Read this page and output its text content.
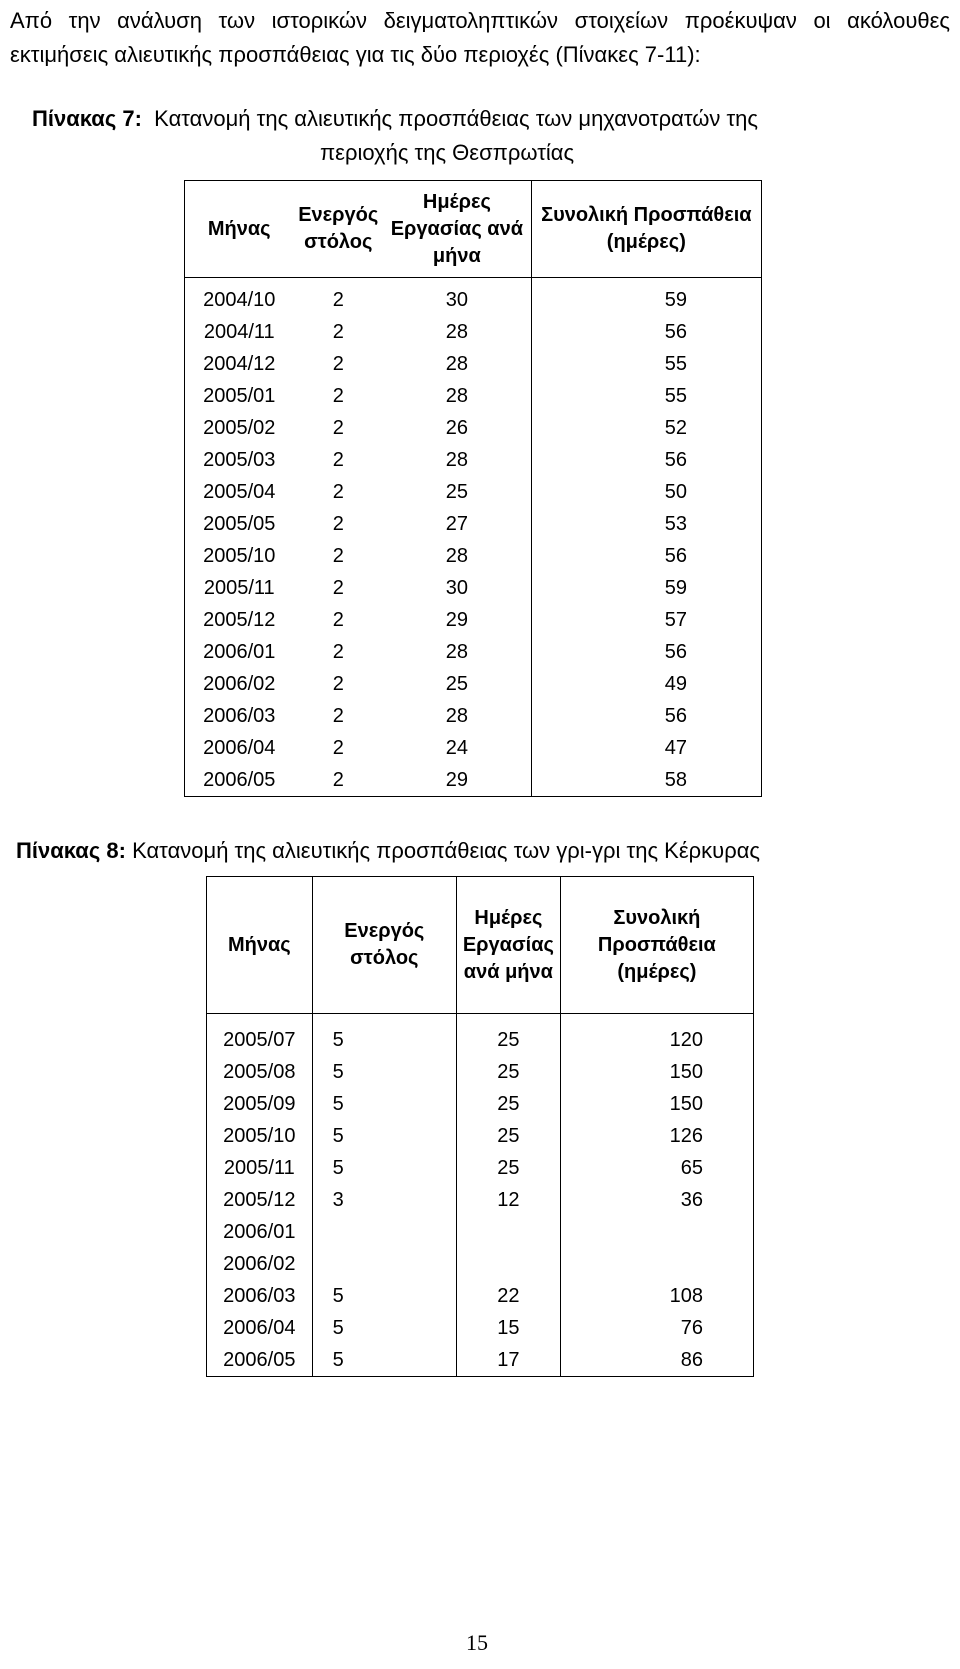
Από την ανάλυση των ιστορικών δειγματοληπτικών στοιχείων προέκυψαν οι ακόλουθες εκτιμήσεις αλιευτικής προσπάθειας για τις δύο περιοχές (Πίνακες 7-11):

Πίνακας 7: Κατανομή της αλιευτικής προσπάθειας των μηχανοτρατών της
περιοχής της Θεσπρωτίας
Μήνας	Ενεργός στόλος	Ημέρες Εργασίας ανά μήνα	Συνολική Προσπάθεια (ημέρες)
2004/10	2	30	59
2004/11	2	28	56
2004/12	2	28	55
2005/01	2	28	55
2005/02	2	26	52
2005/03	2	28	56
2005/04	2	25	50
2005/05	2	27	53
2005/10	2	28	56
2005/11	2	30	59
2005/12	2	29	57
2006/01	2	28	56
2006/02	2	25	49
2006/03	2	28	56
2006/04	2	24	47
2006/05	2	29	58
Πίνακας 8: Κατανομή της αλιευτικής προσπάθειας των γρι-γρι της Κέρκυρας
Μήνας	Ενεργός στόλος	Ημέρες Εργασίας ανά μήνα	Συνολική Προσπάθεια (ημέρες)
2005/07	5	25	120
2005/08	5	25	150
2005/09	5	25	150
2005/10	5	25	126
2005/11	5	25	65
2005/12	3	12	36
2006/01			
2006/02			
2006/03	5	22	108
2006/04	5	15	76
2006/05	5	17	86
15
